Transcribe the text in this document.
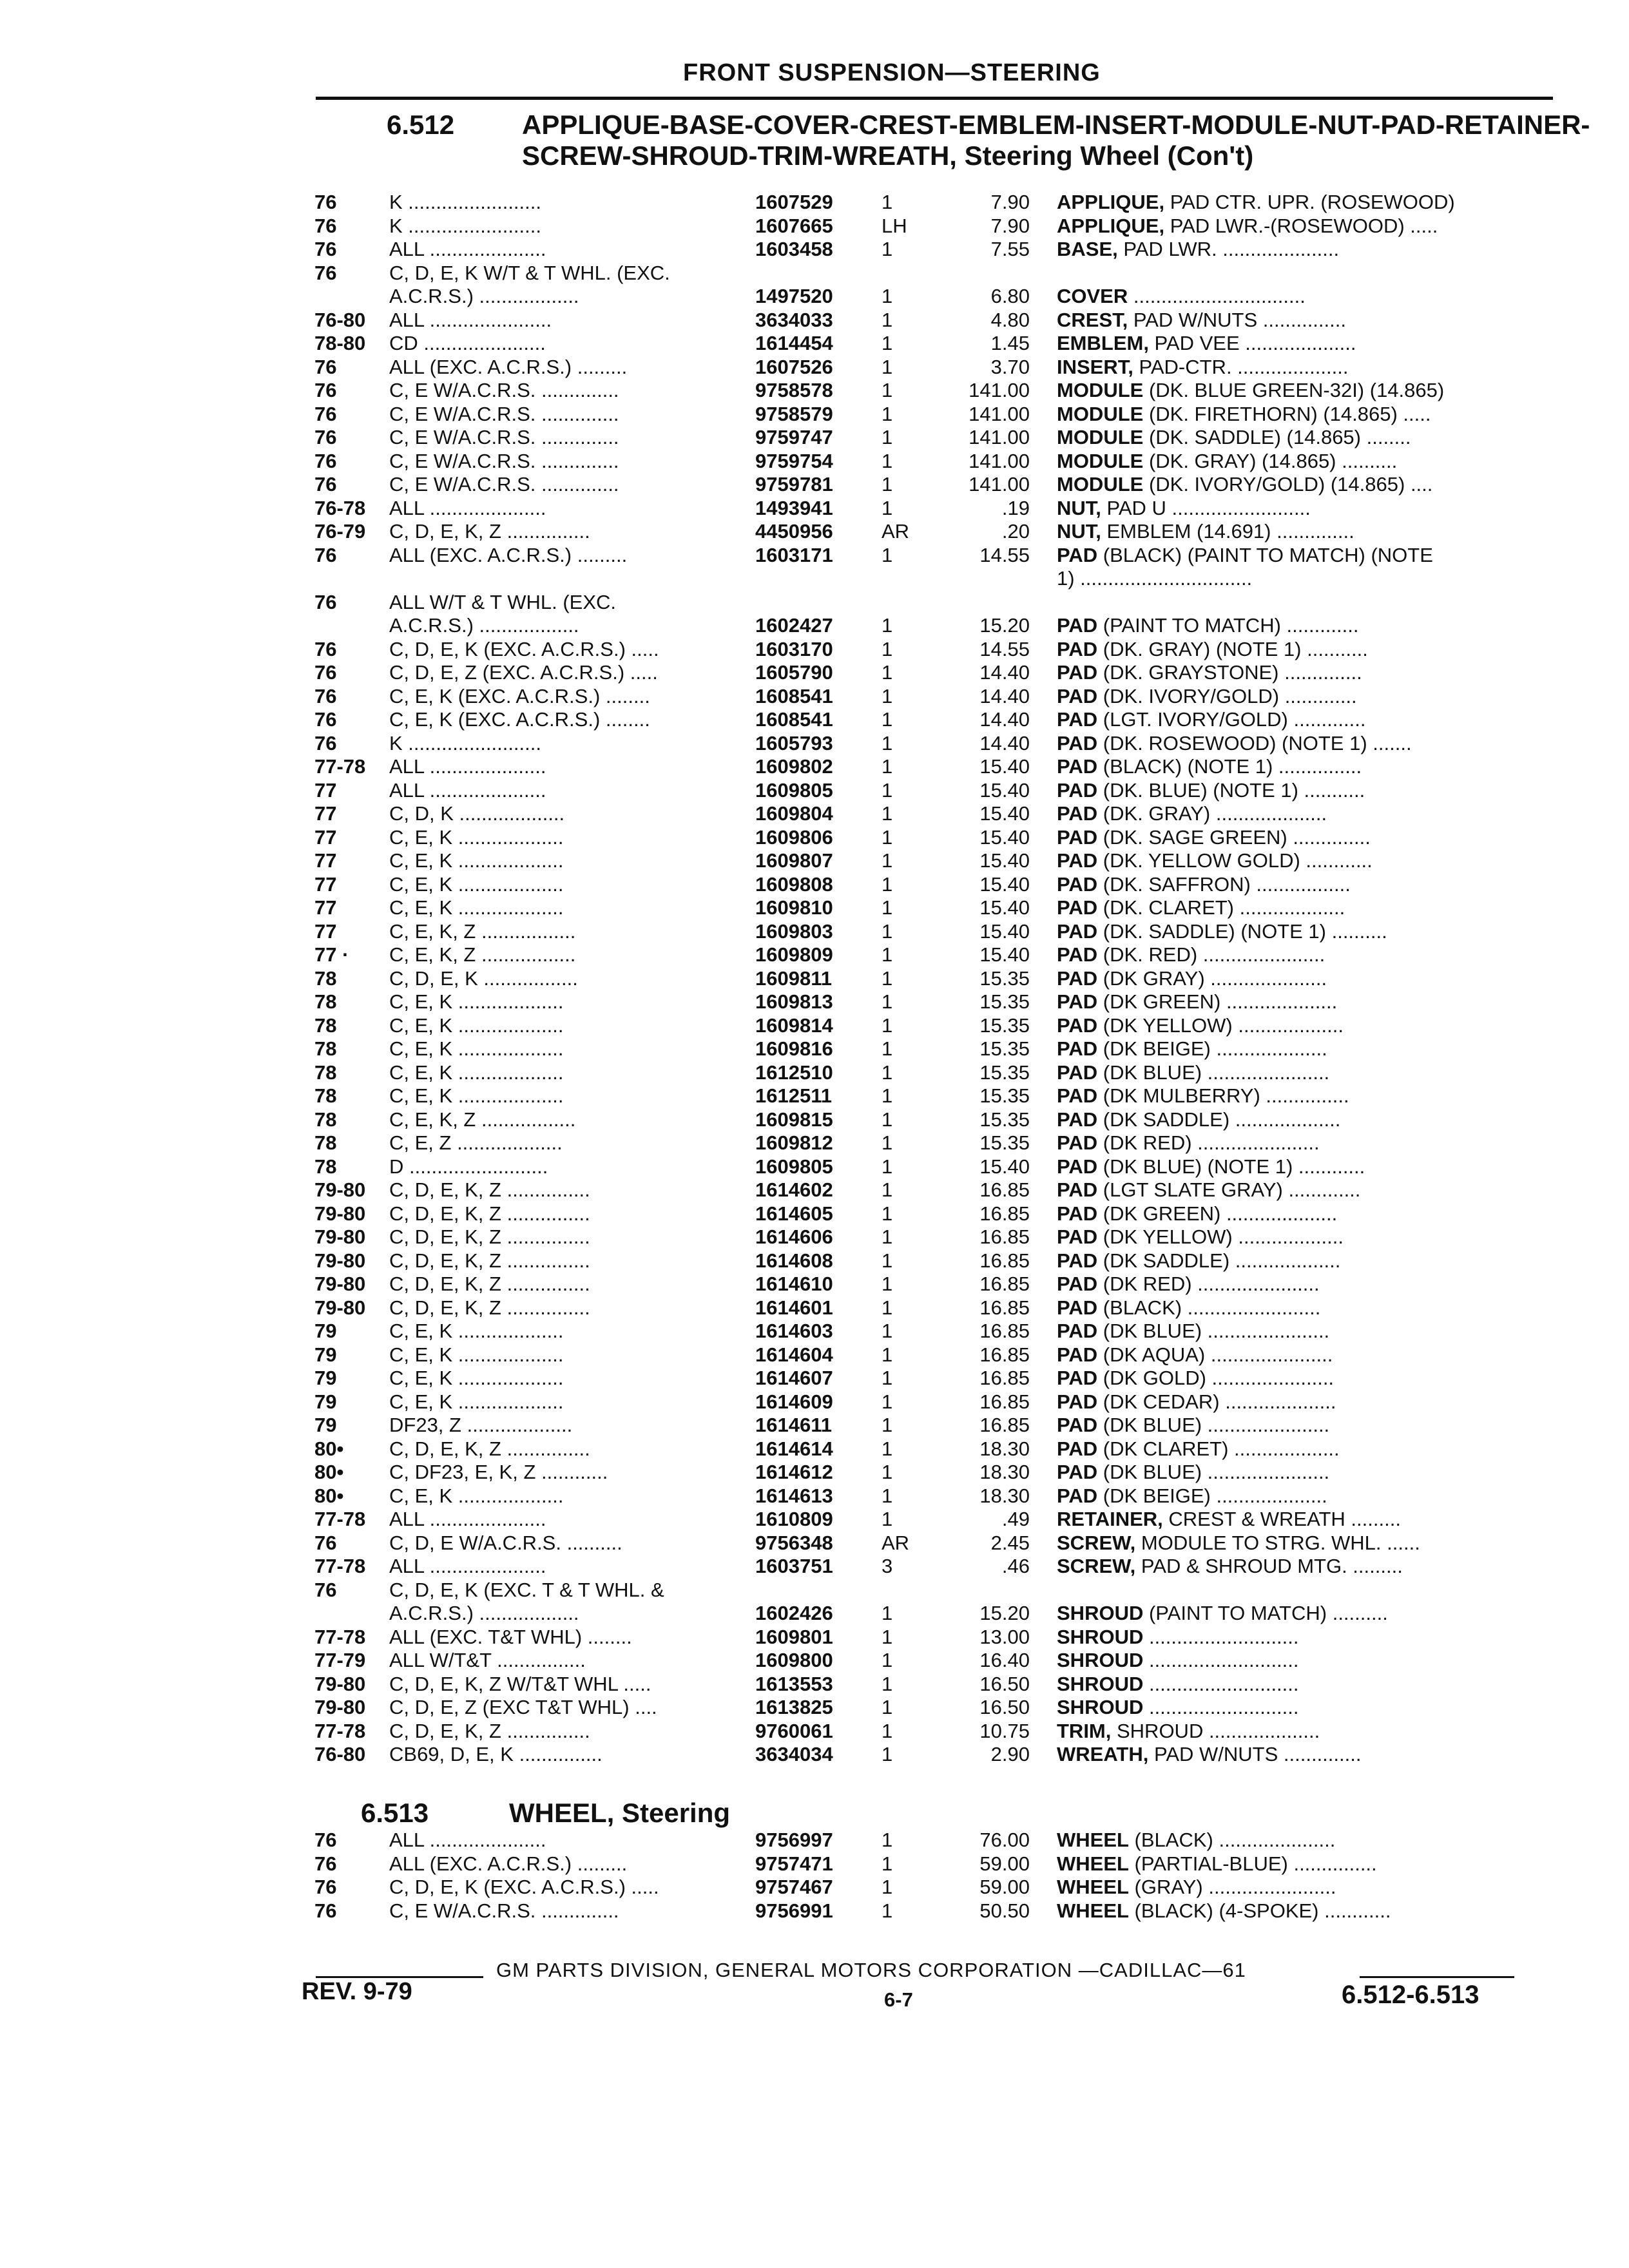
FRONT SUSPENSION—STEERING
6.512 APPLIQUE-BASE-COVER-CREST-EMBLEM-INSERT-MODULE-NUT-PAD-RETAINER-SCREW-SHROUD-TRIM-WREATH, Steering Wheel (Con't)
76	K ........................	1607529 1	7.90 APPLIQUE, PAD CTR. UPR. (ROSEWOOD)
76	K ........................	1607665 LH	7.90 APPLIQUE, PAD LWR.-(ROSEWOOD) .....
76	ALL .....................	1603458 1	7.55 BASE, PAD LWR. .....................
76	C, D, E, K W/T & T WHL. (EXC.
A.C.R.S.) ..................	1497520 1	6.80 COVER ...............................
76-80 ALL ......................	3634033 1	4.80 CREST, PAD W/NUTS ...............
78-80 CD ......................	1614454 1	1.45 EMBLEM, PAD VEE ....................
76	ALL (EXC. A.C.R.S.) .........	1607526 1	3.70 INSERT, PAD-CTR. ....................
76	C, E W/A.C.R.S. ..............	9758578 1	141.00 MODULE (DK. BLUE GREEN-32I) (14.865)
76	C, E W/A.C.R.S. ..............	9758579 1	141.00 MODULE (DK. FIRETHORN) (14.865) .....
76	C, E W/A.C.R.S. ..............	9759747 1	141.00 MODULE (DK. SADDLE) (14.865) ........
76	C, E W/A.C.R.S. ..............	9759754 1	141.00 MODULE (DK. GRAY) (14.865) ..........
76	C, E W/A.C.R.S. ..............	9759781 1	141.00 MODULE (DK. IVORY/GOLD) (14.865) ....
76-78 ALL .....................	1493941 1	.19 NUT, PAD U .........................
76-79 C, D, E, K, Z ...............	4450956 AR	.20 NUT, EMBLEM (14.691) ..............
76	ALL (EXC. A.C.R.S.) .........	1603171 1	14.55 PAD (BLACK) (PAINT TO MATCH) (NOTE
1) ...............................
76	ALL W/T & T WHL. (EXC.
A.C.R.S.) ..................	1602427 1	15.20 PAD (PAINT TO MATCH) .............
76	C, D, E, K (EXC. A.C.R.S.) .....	1603170 1	14.55 PAD (DK. GRAY) (NOTE 1) ...........
76	C, D, E, Z (EXC. A.C.R.S.) .....	1605790 1	14.40 PAD (DK. GRAYSTONE) ..............
76	C, E, K (EXC. A.C.R.S.) ........	1608541 1	14.40 PAD (DK. IVORY/GOLD) .............
76	C, E, K (EXC. A.C.R.S.) ........	1608541 1	14.40 PAD (LGT. IVORY/GOLD) .............
76	K ........................	1605793 1	14.40 PAD (DK. ROSEWOOD) (NOTE 1) .......
77-78 ALL .....................	1609802 1	15.40 PAD (BLACK) (NOTE 1) ...............
77	ALL .....................	1609805 1	15.40 PAD (DK. BLUE) (NOTE 1) ...........
77	C, D, K ...................	1609804 1	15.40 PAD (DK. GRAY) ....................
77	C, E, K ...................	1609806 1	15.40 PAD (DK. SAGE GREEN) ..............
77	C, E, K ...................	1609807 1	15.40 PAD (DK. YELLOW GOLD) ............
77	C, E, K ...................	1609808 1	15.40 PAD (DK. SAFFRON) .................
77	C, E, K ...................	1609810 1	15.40 PAD (DK. CLARET) ...................
77	C, E, K, Z .................	1609803 1	15.40 PAD (DK. SADDLE) (NOTE 1) ..........
77 · C, E, K, Z .................	1609809 1	15.40 PAD (DK. RED) ......................
78	C, D, E, K .................	1609811 1	15.35 PAD (DK GRAY) .....................
78	C, E, K ...................	1609813 1	15.35 PAD (DK GREEN) ....................
78	C, E, K ...................	1609814 1	15.35 PAD (DK YELLOW) ...................
78	C, E, K ...................	1609816 1	15.35 PAD (DK BEIGE) ....................
78	C, E, K ...................	1612510 1	15.35 PAD (DK BLUE) ......................
78	C, E, K ...................	1612511 1	15.35 PAD (DK MULBERRY) ...............
78	C, E, K, Z .................	1609815 1	15.35 PAD (DK SADDLE) ...................
78	C, E, Z ...................	1609812 1	15.35 PAD (DK RED) ......................
78	D .........................	1609805 1	15.40 PAD (DK BLUE) (NOTE 1) ............
79-80 C, D, E, K, Z ...............	1614602 1	16.85 PAD (LGT SLATE GRAY) .............
79-80 C, D, E, K, Z ...............	1614605 1	16.85 PAD (DK GREEN) ....................
79-80 C, D, E, K, Z ...............	1614606 1	16.85 PAD (DK YELLOW) ...................
79-80 C, D, E, K, Z ...............	1614608 1	16.85 PAD (DK SADDLE) ...................
79-80 C, D, E, K, Z ...............	1614610 1	16.85 PAD (DK RED) ......................
79-80 C, D, E, K, Z ...............	1614601 1	16.85 PAD (BLACK) ........................
79	C, E, K ...................	1614603 1	16.85 PAD (DK BLUE) ......................
79	C, E, K ...................	1614604 1	16.85 PAD (DK AQUA) ......................
79	C, E, K ...................	1614607 1	16.85 PAD (DK GOLD) ......................
79	C, E, K ...................	1614609 1	16.85 PAD (DK CEDAR) ....................
79	DF23, Z ...................	1614611 1	16.85 PAD (DK BLUE) ......................
80• C, D, E, K, Z ...............	1614614 1	18.30 PAD (DK CLARET) ...................
80• C, DF23, E, K, Z ............	1614612 1	18.30 PAD (DK BLUE) ......................
80• C, E, K ...................	1614613 1	18.30 PAD (DK BEIGE) ....................
77-78 ALL .....................	1610809 1	.49 RETAINER, CREST & WREATH .........
76	C, D, E W/A.C.R.S. ..........	9756348 AR	2.45 SCREW, MODULE TO STRG. WHL. ......
77-78 ALL .....................	1603751 3	.46 SCREW, PAD & SHROUD MTG. .........
76	C, D, E, K (EXC. T & T WHL. &
A.C.R.S.) ..................	1602426 1	15.20 SHROUD (PAINT TO MATCH) ..........
77-78 ALL (EXC. T&T WHL) ........	1609801 1	13.00 SHROUD ...........................
77-79 ALL W/T&T ................	1609800 1	16.40 SHROUD ...........................
79-80 C, D, E, K, Z W/T&T WHL .....	1613553 1	16.50 SHROUD ...........................
79-80 C, D, E, Z (EXC T&T WHL) ....	1613825 1	16.50 SHROUD ...........................
77-78 C, D, E, K, Z ...............	9760061 1	10.75 TRIM, SHROUD ....................
76-80 CB69, D, E, K ...............	3634034 1	2.90 WREATH, PAD W/NUTS ..............
6.513	WHEEL, Steering
76	ALL .....................	9756997 1	76.00 WHEEL (BLACK) .....................
76	ALL (EXC. A.C.R.S.) .........	9757471 1	59.00 WHEEL (PARTIAL-BLUE) ...............
76	C, D, E, K (EXC. A.C.R.S.) .....	9757467 1	59.00 WHEEL (GRAY) .......................
76	C, E W/A.C.R.S. ..............	9756991 1	50.50 WHEEL (BLACK) (4-SPOKE) ............
GM PARTS DIVISION, GENERAL MOTORS CORPORATION —CADILLAC—61
REV. 9-79	6-7	6.512-6.513
